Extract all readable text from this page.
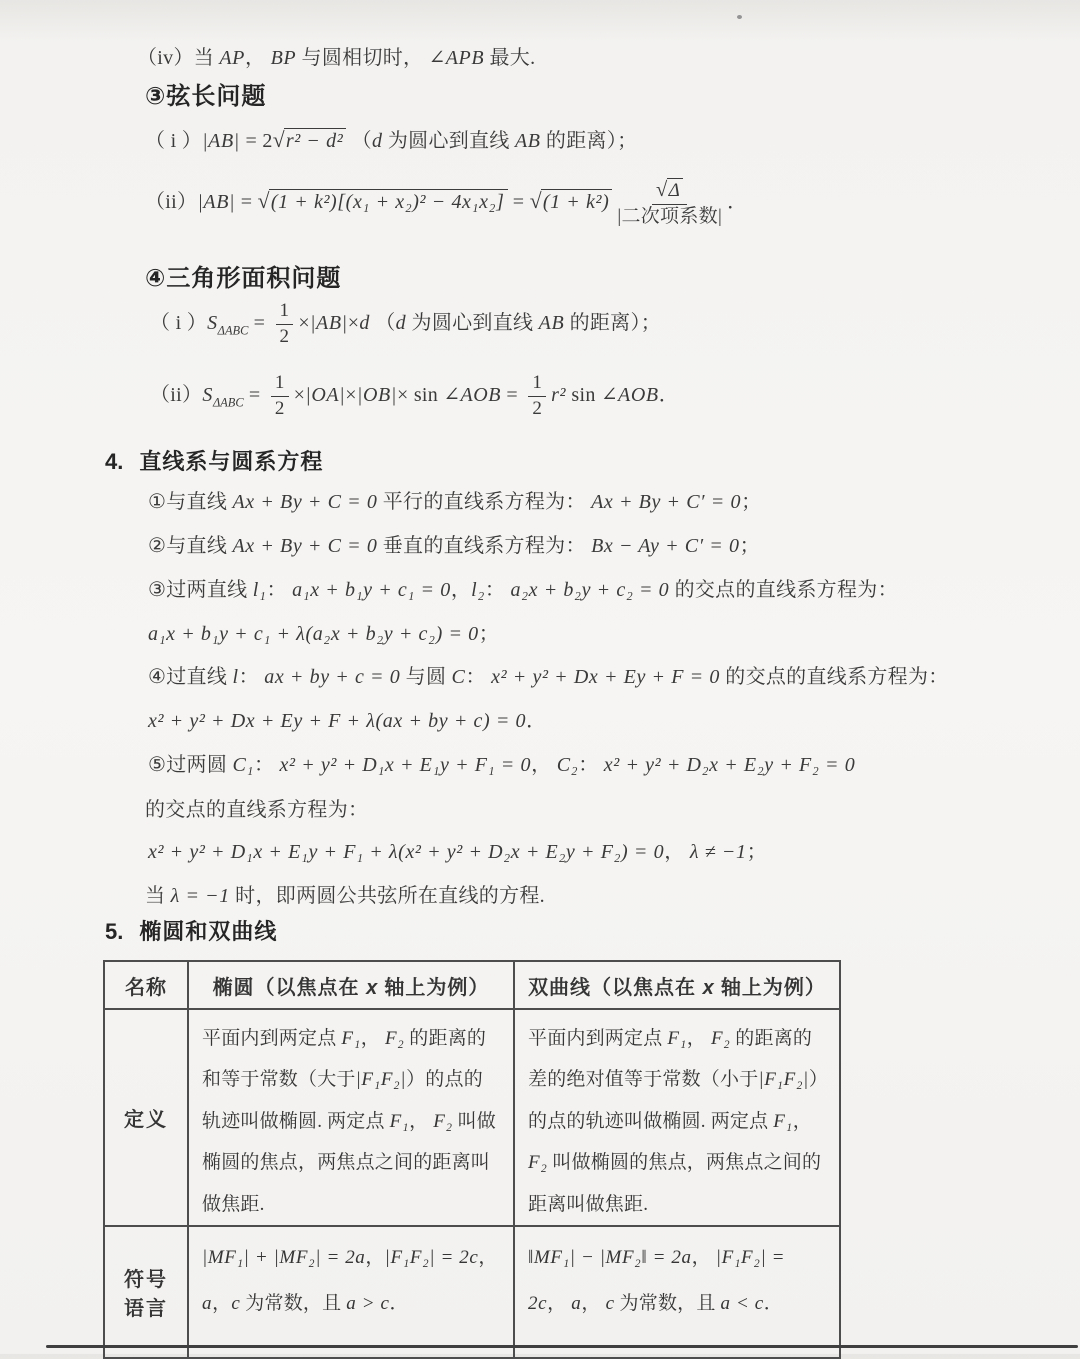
（iv）当 AP， BP 与圆相切时， ∠APB 最大.
③弦长问题
（ i ）|AB| = 2√r² − d² （d 为圆心到直线 AB 的距离）；
（ii）|AB| = √(1 + k²)[(x₁ + x₂)² − 4x₁x₂] = √(1 + k²)
√Δ
|二次项系数|
．
④三角形面积问题
（ i ）$S_{\Delta ABC} = \frac{1}{2} \times|AB|\times d$ （d 为圆心到直线 AB 的距离）；
$(ii)S_{\Delta ABC} = \frac{1}{2} \times|OA|\times|OB|\times \sin$ ∠AOB = $\frac{1}{2} r^2$ sin ∠AOB．
4. 直线系与圆系方程
①与直线 Ax + By + C = 0 平行的直线系方程为： Ax + By + C′ = 0；
②与直线 Ax + By + C = 0 垂直的直线系方程为： Bx − Ay + C′ = 0；
③过两直线 l₁： a₁x + b₁y + c₁ = 0，l₂： a₂x + b₂y + c₂ = 0 的交点的直线系方程为：
a₁x + b₁y + c₁ + λ(a₂x + b₂y + c₂) = 0；
④过直线 l： ax + by + c = 0 与圆 C： x² + y² + Dx + Ey + F = 0 的交点的直线系方程为：
x² + y² + Dx + Ey + F + λ(ax + by + c) = 0．
⑤过两圆 C₁： x² + y² + D₁x + E₁y + F₁ = 0， C₂： x² + y² + D₂x + E₂y + F₂ = 0
的交点的直线系方程为：
x² + y² + D₁x + E₁y + F₁ + λ(x² + y² + D₂x + E₂y + F₂) = 0， λ ≠ −1；
当 λ = −1 时，即两圆公共弦所在直线的方程.
5. 椭圆和双曲线
名称	椭圆（以焦点在 x 轴上为例）	双曲线（以焦点在 x 轴上为例）
定义	平面内到两定点 F₁， F₂ 的距离的和等于常数（大于|F₁F₂|）的点的轨迹叫做椭圆. 两定点 F₁， F₂ 叫做椭圆的焦点，两焦点之间的距离叫做焦距.	平面内到两定点 F₁， F₂ 的距离的差的绝对值等于常数（小于|F₁F₂|）的点的轨迹叫做椭圆. 两定点 F₁， F₂ 叫做椭圆的焦点，两焦点之间的距离叫做焦距.
符号语言	|MF₁| + |MF₂| = 2a，|F₁F₂| = 2c，a，c 为常数，且 a > c．	‖MF₁| − |MF₂‖ = 2a， |F₁F₂| = 2c， a， c 为常数，且 a < c．
